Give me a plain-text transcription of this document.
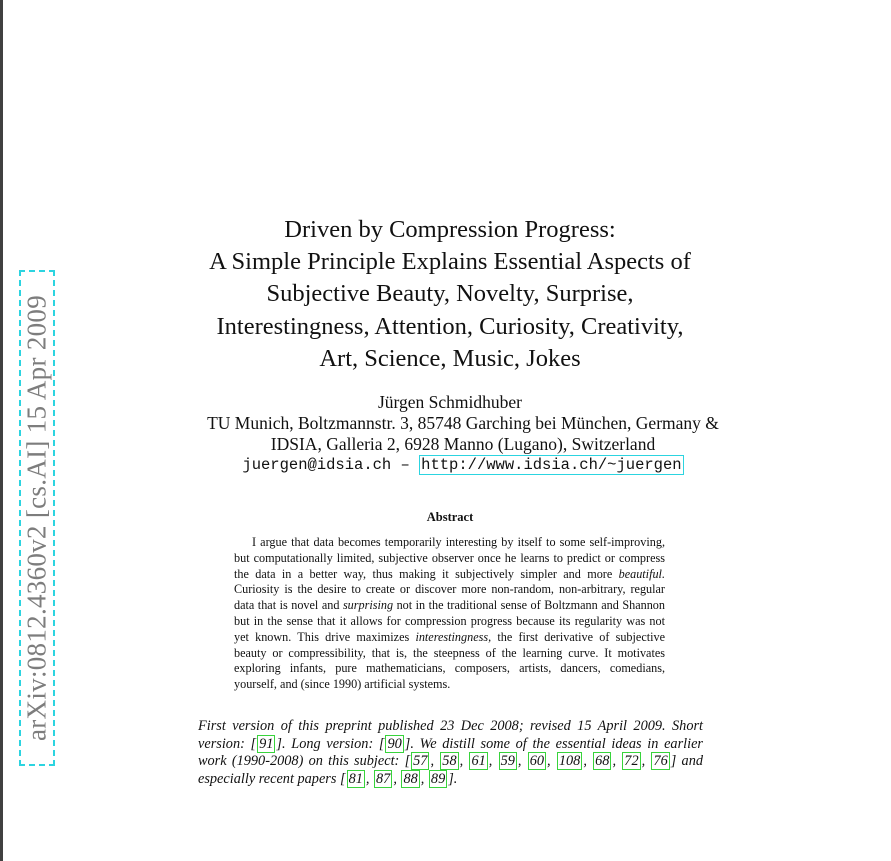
arXiv:0812.4360v2 [cs.AI] 15 Apr 2009
Driven by Compression Progress:
A Simple Principle Explains Essential Aspects of
Subjective Beauty, Novelty, Surprise,
Interestingness, Attention, Curiosity, Creativity,
Art, Science, Music, Jokes
Jürgen Schmidhuber
TU Munich, Boltzmannstr. 3, 85748 Garching bei München, Germany &
IDSIA, Galleria 2, 6928 Manno (Lugano), Switzerland
juergen@idsia.ch – http://www.idsia.ch/~juergen
Abstract
I argue that data becomes temporarily interesting by itself to some self-improving, but computationally limited, subjective observer once he learns to predict or compress the data in a better way, thus making it subjectively simpler and more beautiful. Curiosity is the desire to create or discover more non-random, non-arbitrary, regular data that is novel and surprising not in the traditional sense of Boltzmann and Shannon but in the sense that it allows for compression progress because its regularity was not yet known. This drive maximizes interestingness, the first derivative of subjective beauty or compressibility, that is, the steepness of the learning curve. It motivates exploring infants, pure mathematicians, composers, artists, dancers, comedians, yourself, and (since 1990) artificial systems.
First version of this preprint published 23 Dec 2008; revised 15 April 2009. Short version: [ 91 ]. Long version: [ 90 ]. We distill some of the essential ideas in earlier work (1990-2008) on this subject: [ 57 , 58 , 61 , 59 , 60 , 108 , 68 , 72 , 76 ] and especially recent papers [ 81 , 87 , 88 , 89 ].
